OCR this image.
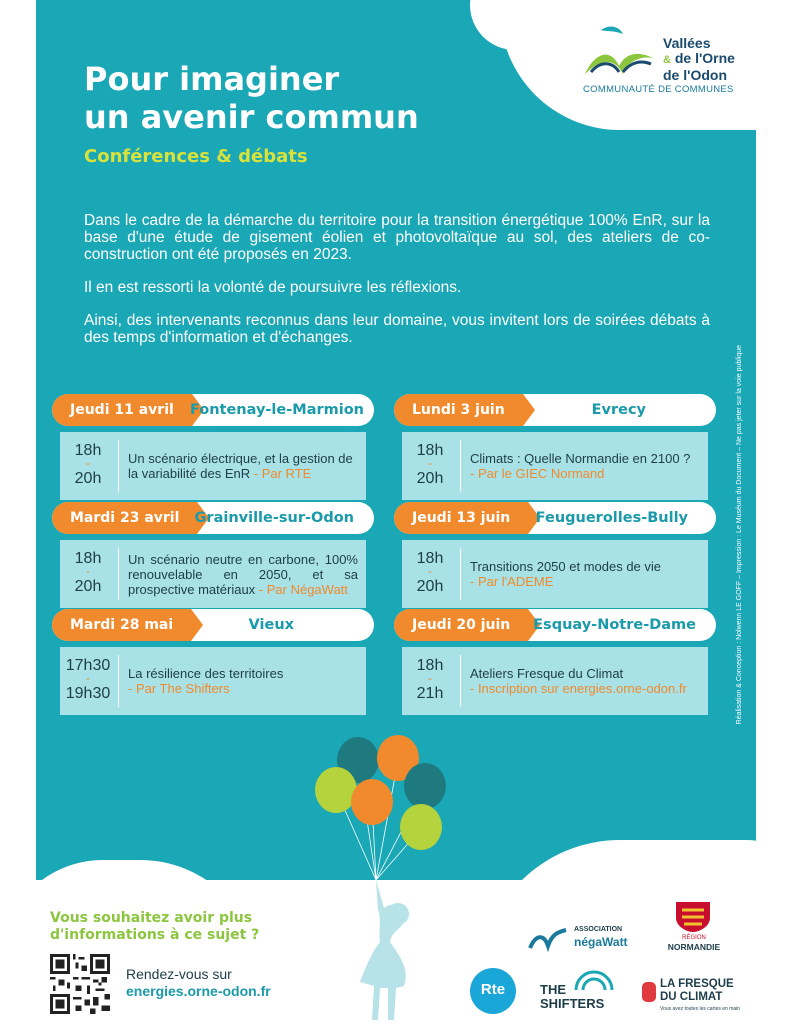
Vallées
& de l'Orne
de l'Odon
COMMUNAUTÉ DE COMMUNES
Pour imaginer
un avenir commun
Conférences & débats

Dans le cadre de la démarche du territoire pour la transition énergétique 100% EnR, sur la base d'une étude de gisement éolien et photovoltaïque au sol, des ateliers de co-construction ont été proposés en 2023.

Il en est ressorti la volonté de poursuivre les réflexions.

Ainsi, des intervenants reconnus dans leur domaine, vous invitent lors de soirées débats à des temps d'information et d'échanges.

Réalisation & Conception : Nolwenn LE GOFF – Impression : Le Muséum du Document – Ne pas jeter sur la voie publique
Jeudi 11 avril	Fontenay-le-Marmion
18h
-
20h
Un scénario électrique, et la gestion de la variabilité des EnR - Par RTE
Lundi 3 juin	Evrecy
18h
-
20h
Climats : Quelle Normandie en 2100 ?
- Par le GIEC Normand
Mardi 23 avril	Grainville-sur-Odon
18h
-
20h
Un scénario neutre en carbone, 100% renouvelable en 2050, et sa prospective matériaux - Par NégaWatt
Jeudi 13 juin	Feuguerolles-Bully
18h
-
20h
Transitions 2050 et modes de vie
- Par l'ADEME
Mardi 28 mai	Vieux
17h30
-
19h30
La résilience des territoires
- Par The Shifters
Jeudi 20 juin	Esquay-Notre-Dame
18h
-
21h
Ateliers Fresque du Climat
- Inscription sur energies.orne-odon.fr
Vous souhaitez avoir plus
d'informations à ce sujet ?
Rendez-vous sur
energies.orne-odon.fr
ASSOCIATION
négaWatt	RÉGION
NORMANDIE
Rte	THE
SHIFTERS
LA FRESQUE
DU CLIMAT
Vous avez toutes les cartes en main
